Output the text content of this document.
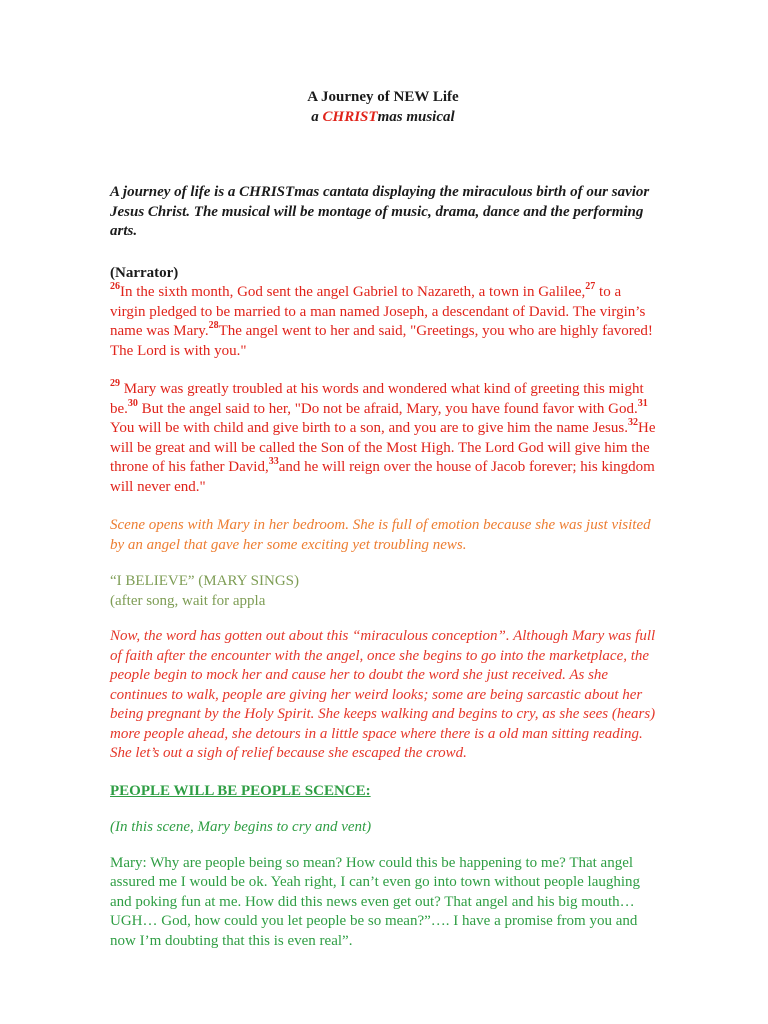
A Journey of NEW Life

a CHRISTmas musical

A journey of life is a CHRISTmas cantata displaying the miraculous birth of our savior Jesus Christ. The musical will be montage of music, drama, dance and the performing arts.

(Narrator)

$^{26}$In the sixth month, God sent the angel Gabriel to Nazareth, a town in Galilee,$^{27}$ to a virgin pledged to be married to a man named Joseph, a descendant of David. The virgin’s name was Mary.$^{28}$The angel went to her and said, "Greetings, you who are highly favored! The Lord is with you."

$^{29}$ Mary was greatly troubled at his words and wondered what kind of greeting this might be.$^{30}$ But the angel said to her, "Do not be afraid, Mary, you have found favor with God.$^{31}$ You will be with child and give birth to a son, and you are to give him the name Jesus.$^{32}$He will be great and will be called the Son of the Most High. The Lord God will give him the throne of his father David,$^{33}$and he will reign over the house of Jacob forever; his kingdom will never end."

Scene opens with Mary in her bedroom. She is full of emotion because she was just visited by an angel that gave her some exciting yet troubling news.

“I BELIEVE” (MARY SINGS)

(after song, wait for appla

Now, the word has gotten out about this “miraculous conception”. Although Mary was full of faith after the encounter with the angel, once she begins to go into the marketplace, the people begin to mock her and cause her to doubt the word she just received. As she continues to walk, people are giving her weird looks; some are being sarcastic about her being pregnant by the Holy Spirit. She keeps walking and begins to cry, as she sees (hears) more people ahead, she detours in a little space where there is a old man sitting reading. She let’s out a sigh of relief because she escaped the crowd.

PEOPLE WILL BE PEOPLE SCENCE:

(In this scene, Mary begins to cry and vent)

Mary: Why are people being so mean? How could this be happening to me? That angel assured me I would be ok. Yeah right, I can’t even go into town without people laughing and poking fun at me. How did this news even get out? That angel and his big mouth… UGH… God, how could you let people be so mean?”…. I have a promise from you and now I’m doubting that this is even real”.
